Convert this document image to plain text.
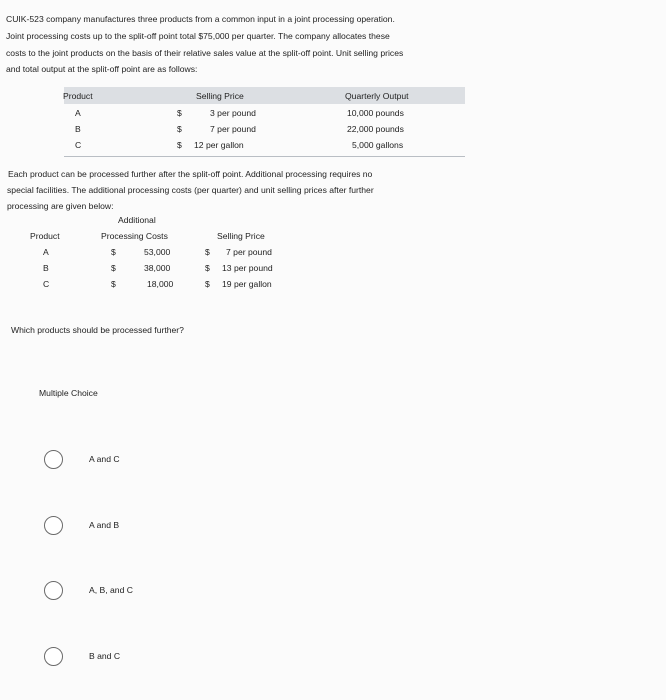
CUIK-523 company manufactures three products from a common input in a joint processing operation.
Joint processing costs up to the split-off point total $75,000 per quarter. The company allocates these
costs to the joint products on the basis of their relative sales value at the split-off point. Unit selling prices
and total output at the split-off point are as follows:
Product	Selling Price	Quarterly Output
A	$	3 per pound	10,000 pounds
B	$	7 per pound	22,000 pounds
C	$ 12 per gallon	5,000 gallons
Each product can be processed further after the split-off point. Additional processing requires no
special facilities. The additional processing costs (per quarter) and unit selling prices after further
processing are given below:
Additional
Product	Processing Costs	Selling Price
A	$	53,000	$ 7 per pound
B	$	38,000	$ 13 per pound
C	$	18,000	$ 19 per gallon
Which products should be processed further?
Multiple Choice
A and C
A and B
A, B, and C
B and C
